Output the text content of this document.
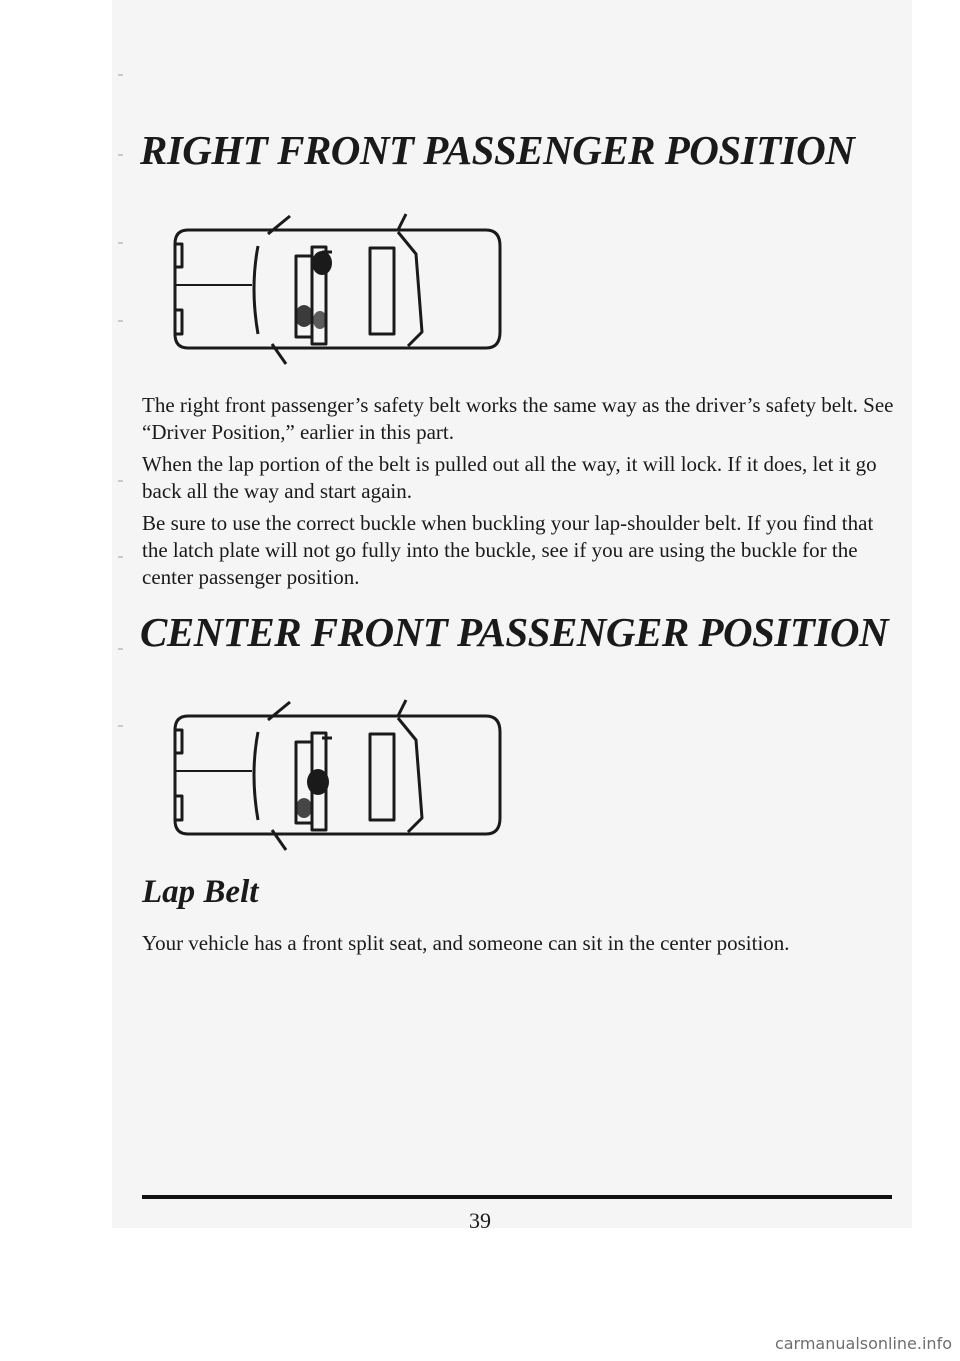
RIGHT FRONT PASSENGER POSITION

The right front passenger’s safety belt works the same way as the driver’s safety belt. See “Driver Position,” earlier in this part.

When the lap portion of the belt is pulled out all the way, it will lock. If it does, let it go back all the way and start again.

Be sure to use the correct buckle when buckling your lap-shoulder belt. If you find that the latch plate will not go fully into the buckle, see if you are using the buckle for the center passenger position.

CENTER FRONT PASSENGER POSITION
Lap Belt

Your vehicle has a front split seat, and someone can sit in the center position.

39
carmanualsonline.info
